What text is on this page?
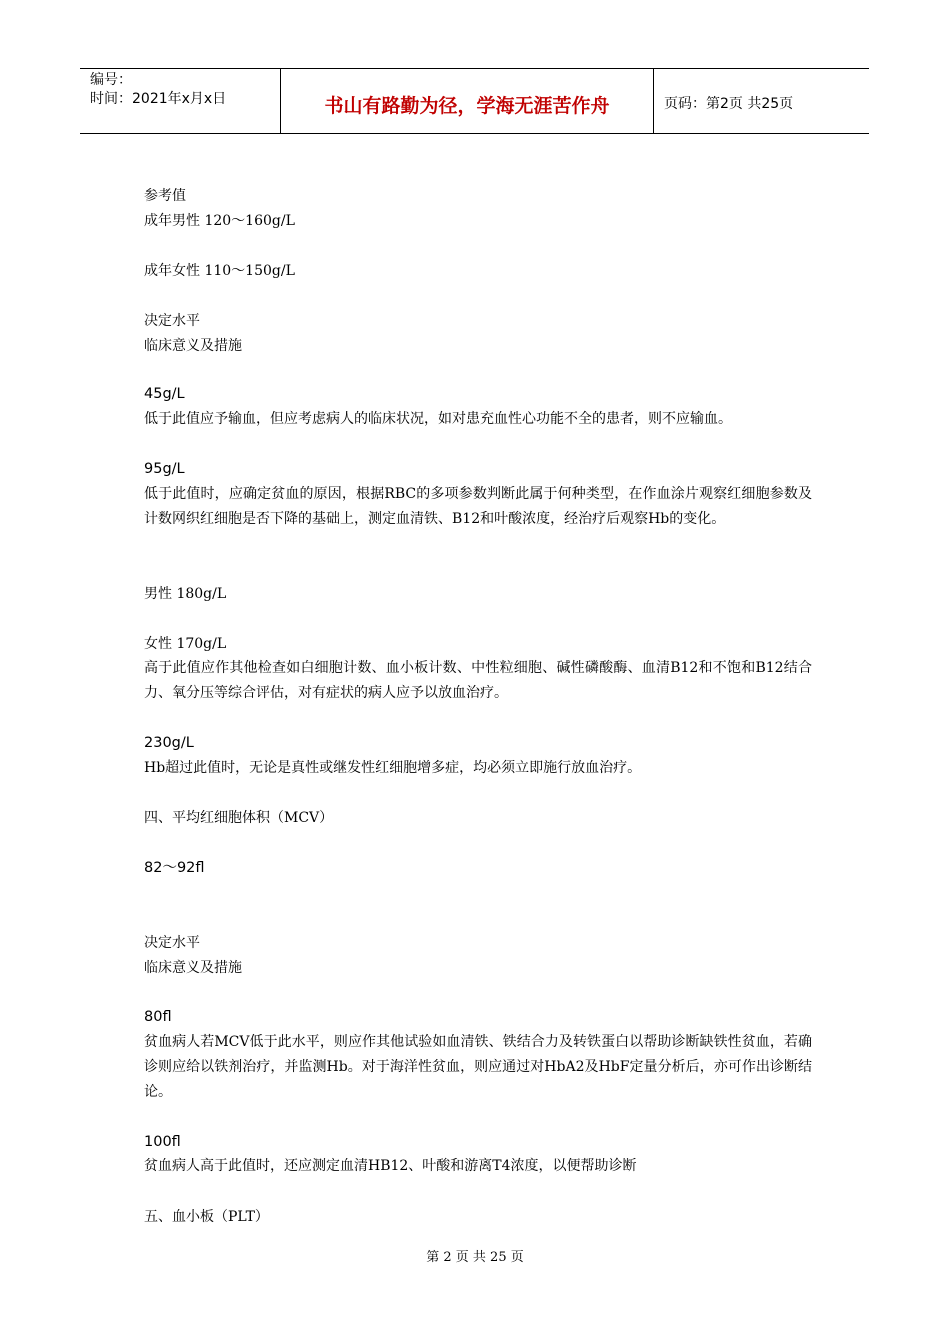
编号：
时间：2021年x月x日	书山有路勤为径，学海无涯苦作舟	页码：第2页 共25页
参考值
成年男性 120～160g/L
成年女性 110～150g/L
决定水平
临床意义及措施
45g/L
低于此值应予输血，但应考虑病人的临床状况，如对患充血性心功能不全的患者，则不应输血。
95g/L
低于此值时，应确定贫血的原因，根据RBC的多项参数判断此属于何种类型，在作血涂片观察红细胞参数及计数网织红细胞是否下降的基础上，测定血清铁、B12和叶酸浓度，经治疗后观察Hb的变化。
男性 180g/L
女性 170g/L
高于此值应作其他检查如白细胞计数、血小板计数、中性粒细胞、碱性磷酸酶、血清B12和不饱和B12结合力、氧分压等综合评估，对有症状的病人应予以放血治疗。
230g/L
Hb超过此值时，无论是真性或继发性红细胞增多症，均必须立即施行放血治疗。
四、平均红细胞体积（MCV）
82～92fl
决定水平
临床意义及措施
80fl
贫血病人若MCV低于此水平，则应作其他试验如血清铁、铁结合力及转铁蛋白以帮助诊断缺铁性贫血，若确诊则应给以铁剂治疗，并监测Hb。对于海洋性贫血，则应通过对HbA2及HbF定量分析后，亦可作出诊断结论。
100fl
贫血病人高于此值时，还应测定血清HB12、叶酸和游离T4浓度，以便帮助诊断
五、血小板（PLT）
第 2 页 共 25 页
